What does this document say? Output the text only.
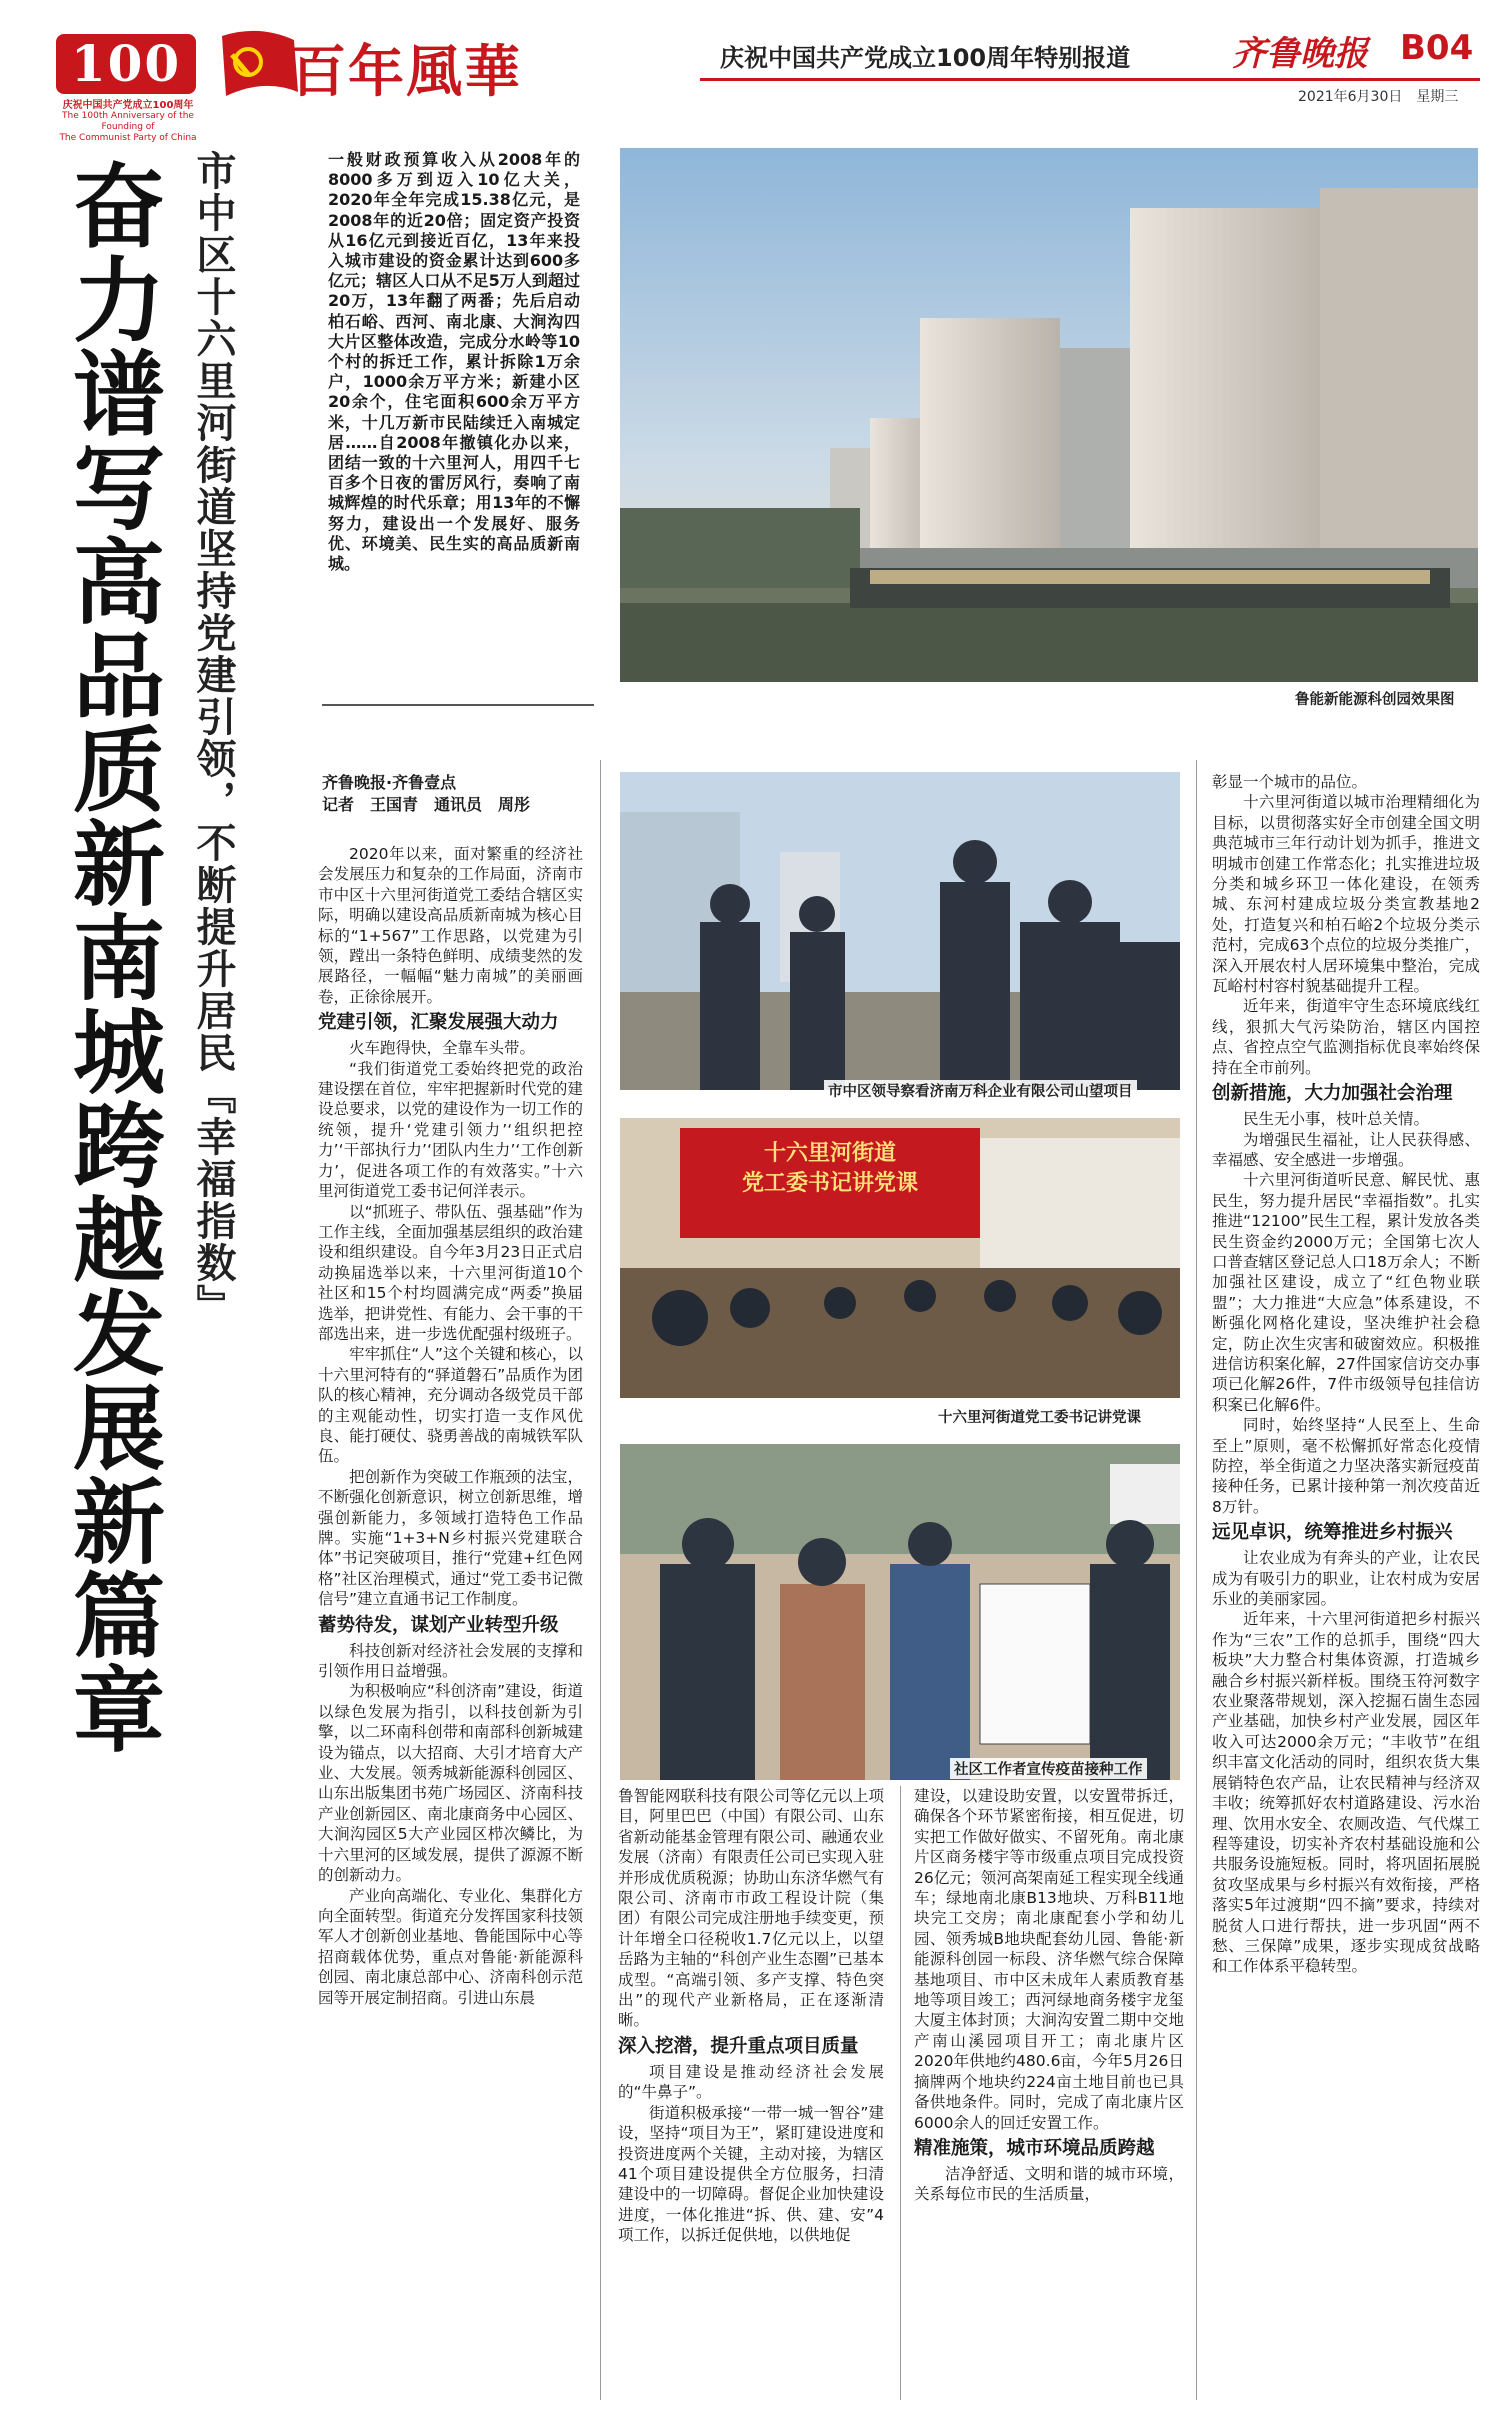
100
庆祝中国共产党成立100周年
The 100th Anniversary of the Founding of
The Communist Party of China
百年風華	庆祝中国共产党成立100周年特别报道	齐鲁晚报 B04
2021年6月30日　星期三
奋力谱写高品质新南城跨越发展新篇章 市中区十六里河街道坚持党建引领，不断提升居民『幸福指数』	一般财政预算收入从2008年的8000多万到迈入10亿大关，2020年全年完成15.38亿元，是2008年的近20倍；固定资产投资从16亿元到接近百亿，13年来投入城市建设的资金累计达到600多亿元；辖区人口从不足5万人到超过20万，13年翻了两番；先后启动柏石峪、西河、南北康、大涧沟四大片区整体改造，完成分水岭等10个村的拆迁工作，累计拆除1万余户，1000余万平方米；新建小区20余个，住宅面积600余万平方米，十几万新市民陆续迁入南城定居……自2008年撤镇化办以来，团结一致的十六里河人，用四千七百多个日夜的雷厉风行，奏响了南城辉煌的时代乐章；用13年的不懈努力，建设出一个发展好、服务优、环境美、民生实的高品质新南城。
鲁能新能源科创园效果图
齐鲁晚报·齐鲁壹点
记者　王国青　通讯员　周彤

2020年以来，面对繁重的经济社会发展压力和复杂的工作局面，济南市市中区十六里河街道党工委结合辖区实际，明确以建设高品质新南城为核心目标的“1+567”工作思路，以党建为引领，蹚出一条特色鲜明、成绩斐然的发展路径，一幅幅“魅力南城”的美丽画卷，正徐徐展开。

党建引领，汇聚发展强大动力

火车跑得快，全靠车头带。

“我们街道党工委始终把党的政治建设摆在首位，牢牢把握新时代党的建设总要求，以党的建设作为一切工作的统领，提升‘党建引领力’‘组织把控力’‘干部执行力’‘团队内生力’‘工作创新力’，促进各项工作的有效落实。”十六里河街道党工委书记何洋表示。

以“抓班子、带队伍、强基础”作为工作主线，全面加强基层组织的政治建设和组织建设。自今年3月23日正式启动换届选举以来，十六里河街道10个社区和15个村均圆满完成“两委”换届选举，把讲党性、有能力、会干事的干部选出来，进一步选优配强村级班子。

牢牢抓住“人”这个关键和核心，以十六里河特有的“驿道磐石”品质作为团队的核心精神，充分调动各级党员干部的主观能动性，切实打造一支作风优良、能打硬仗、骁勇善战的南城铁军队伍。

把创新作为突破工作瓶颈的法宝，不断强化创新意识，树立创新思维，增强创新能力，多领域打造特色工作品牌。实施“1+3+N乡村振兴党建联合体”书记突破项目，推行“党建+红色网格”社区治理模式，通过“党工委书记微信号”建立直通书记工作制度。

蓄势待发，谋划产业转型升级

科技创新对经济社会发展的支撑和引领作用日益增强。

为积极响应“科创济南”建设，街道以绿色发展为指引，以科技创新为引擎，以二环南科创带和南部科创新城建设为锚点，以大招商、大引才培育大产业、大发展。领秀城新能源科创园区、山东出版集团书苑广场园区、济南科技产业创新园区、南北康商务中心园区、大涧沟园区5大产业园区栉次鳞比，为十六里河的区域发展，提供了源源不断的创新动力。

产业向高端化、专业化、集群化方向全面转型。街道充分发挥国家科技领军人才创新创业基地、鲁能国际中心等招商载体优势，重点对鲁能·新能源科创园、南北康总部中心、济南科创示范园等开展定制招商。引进山东晨

市中区领导察看济南万科企业有限公司山望项目
十六里河街道
党工委书记讲党课
十六里河街道党工委书记讲党课
社区工作者宣传疫苗接种工作

鲁智能网联科技有限公司等亿元以上项目，阿里巴巴（中国）有限公司、山东省新动能基金管理有限公司、融通农业发展（济南）有限责任公司已实现入驻并形成优质税源；协助山东济华燃气有限公司、济南市市政工程设计院（集团）有限公司完成注册地手续变更，预计年增全口径税收1.7亿元以上，以望岳路为主轴的“科创产业生态圈”已基本成型。“高端引领、多产支撑、特色突出”的现代产业新格局，正在逐渐清晰。

深入挖潜，提升重点项目质量

项目建设是推动经济社会发展的“牛鼻子”。

街道积极承接“一带一城一智谷”建设，坚持“项目为王”，紧盯建设进度和投资进度两个关键，主动对接，为辖区41个项目建设提供全方位服务，扫清建设中的一切障碍。督促企业加快建设进度，一体化推进“拆、供、建、安”4项工作，以拆迁促供地，以供地促

建设，以建设助安置，以安置带拆迁，确保各个环节紧密衔接，相互促进，切实把工作做好做实、不留死角。南北康片区商务楼宇等市级重点项目完成投资26亿元；领河高架南延工程实现全线通车；绿地南北康B13地块、万科B11地块完工交房；南北康配套小学和幼儿园、领秀城B地块配套幼儿园、鲁能·新能源科创园一标段、济华燃气综合保障基地项目、市中区未成年人素质教育基地等项目竣工；西河绿地商务楼宇龙玺大厦主体封顶；大涧沟安置二期中交地产南山溪园项目开工；南北康片区2020年供地约480.6亩，今年5月26日摘牌两个地块约224亩土地目前也已具备供地条件。同时，完成了南北康片区6000余人的回迁安置工作。

精准施策，城市环境品质跨越

洁净舒适、文明和谐的城市环境，关系每位市民的生活质量，

彰显一个城市的品位。

十六里河街道以城市治理精细化为目标，以贯彻落实好全市创建全国文明典范城市三年行动计划为抓手，推进文明城市创建工作常态化；扎实推进垃圾分类和城乡环卫一体化建设，在领秀城、东河村建成垃圾分类宣教基地2处，打造复兴和柏石峪2个垃圾分类示范村，完成63个点位的垃圾分类推广，深入开展农村人居环境集中整治，完成瓦峪村村容村貌基础提升工程。

近年来，街道牢守生态环境底线红线，狠抓大气污染防治，辖区内国控点、省控点空气监测指标优良率始终保持在全市前列。

创新措施，大力加强社会治理

民生无小事，枝叶总关情。

为增强民生福祉，让人民获得感、幸福感、安全感进一步增强。

十六里河街道听民意、解民忧、惠民生，努力提升居民“幸福指数”。扎实推进“12100”民生工程，累计发放各类民生资金约2000万元；全国第七次人口普查辖区登记总人口18万余人；不断加强社区建设，成立了“红色物业联盟”；大力推进“大应急”体系建设，不断强化网格化建设，坚决维护社会稳定，防止次生灾害和破窗效应。积极推进信访积案化解，27件国家信访交办事项已化解26件，7件市级领导包挂信访积案已化解6件。

同时，始终坚持“人民至上、生命至上”原则，毫不松懈抓好常态化疫情防控，举全街道之力坚决落实新冠疫苗接种任务，已累计接种第一剂次疫苗近8万针。

远见卓识，统筹推进乡村振兴

让农业成为有奔头的产业，让农民成为有吸引力的职业，让农村成为安居乐业的美丽家园。

近年来，十六里河街道把乡村振兴作为“三农”工作的总抓手，围绕“四大板块”大力整合村集体资源，打造城乡融合乡村振兴新样板。围绕玉符河数字农业聚落带规划，深入挖掘石崮生态园产业基础，加快乡村产业发展，园区年收入可达2000余万元；“丰收节”在组织丰富文化活动的同时，组织农货大集展销特色农产品，让农民精神与经济双丰收；统筹抓好农村道路建设、污水治理、饮用水安全、农厕改造、气代煤工程等建设，切实补齐农村基础设施和公共服务设施短板。同时，将巩固拓展脱贫攻坚成果与乡村振兴有效衔接，严格落实5年过渡期“四不摘”要求，持续对脱贫人口进行帮扶，进一步巩固“两不愁、三保障”成果，逐步实现成贫战略和工作体系平稳转型。
